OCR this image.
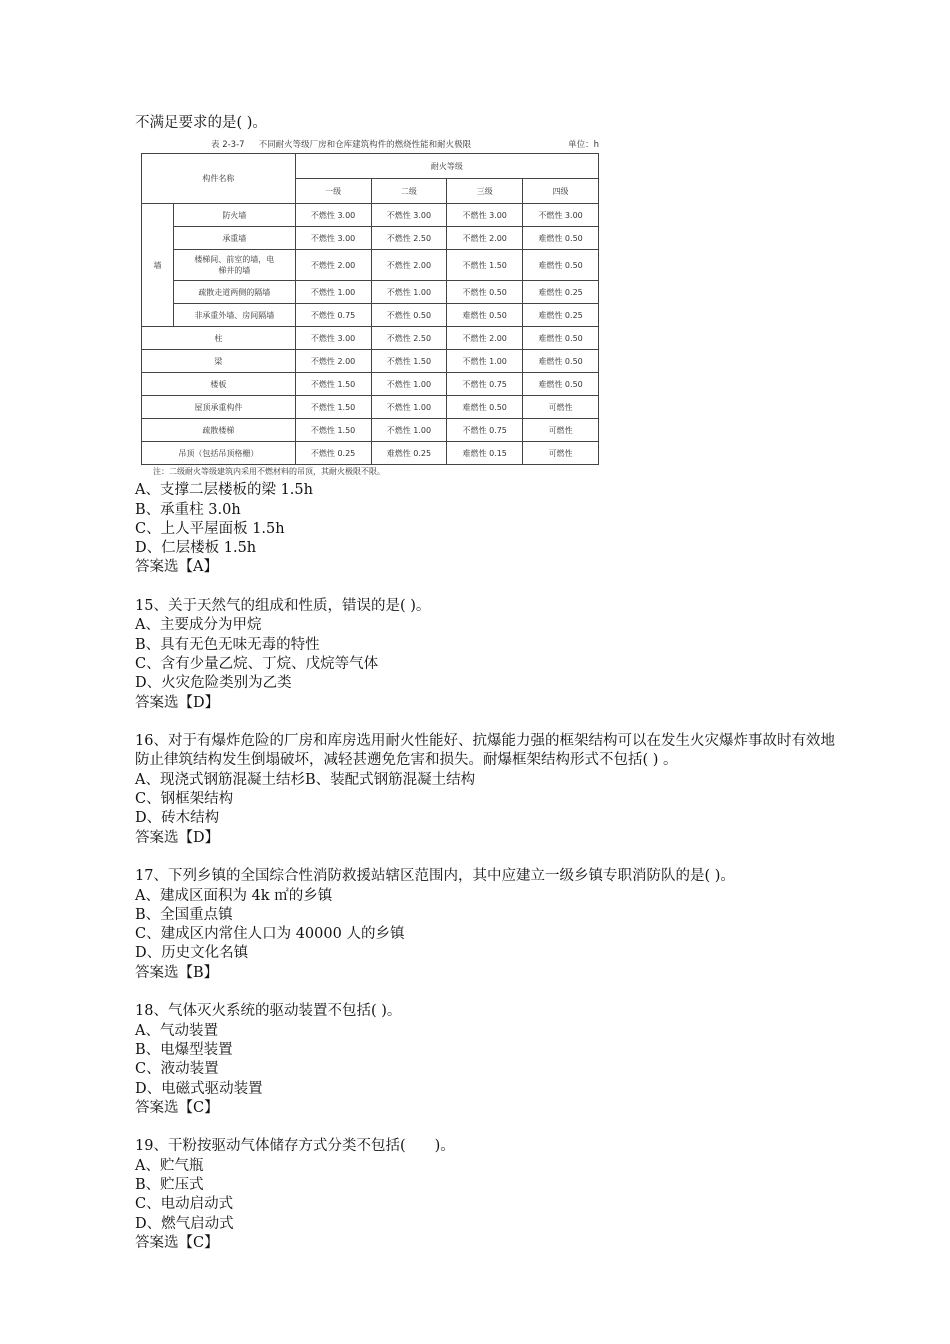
不满足要求的是( )。

表 2-3-7 不同耐火等级厂房和仓库建筑构件的燃烧性能和耐火极限	单位：h
构件名称		耐火等级			
		一级	二级	三级	四级
墙	防火墙	不燃性 3.00	不燃性 3.00	不燃性 3.00	不燃性 3.00
	承重墙	不燃性 3.00	不燃性 2.50	不燃性 2.00	难燃性 0.50
	楼梯间、前室的墙，电梯井的墙	不燃性 2.00	不燃性 2.00	不燃性 1.50	难燃性 0.50
	疏散走道两侧的隔墙	不燃性 1.00	不燃性 1.00	不燃性 0.50	难燃性 0.25
	非承重外墙、房间隔墙	不燃性 0.75	不燃性 0.50	难燃性 0.50	难燃性 0.25
柱		不燃性 3.00	不燃性 2.50	不燃性 2.00	难燃性 0.50
梁		不燃性 2.00	不燃性 1.50	不燃性 1.00	难燃性 0.50
楼板		不燃性 1.50	不燃性 1.00	不燃性 0.75	难燃性 0.50
屋顶承重构件		不燃性 1.50	不燃性 1.00	难燃性 0.50	可燃性
疏散楼梯		不燃性 1.50	不燃性 1.00	不燃性 0.75	可燃性
吊顶（包括吊顶格栅）		不燃性 0.25	难燃性 0.25	难燃性 0.15	可燃性
注：二级耐火等级建筑内采用不燃材料的吊顶，其耐火极限不限。

A、支撑二层楼板的梁 1.5h

B、承重柱 3.0h

C、上人平屋面板 1.5h

D、仁层楼板 1.5h

答案选【A】

15、关于天然气的组成和性质，错误的是( )。

A、主要成分为甲烷

B、具有无色无味无毒的特性

C、含有少量乙烷、丁烷、戊烷等气体

D、火灾危险类别为乙类

答案选【D】

16、对于有爆炸危险的厂房和库房选用耐火性能好、抗爆能力强的框架结构可以在发生火灾爆炸事故时有效地防止律筑结构发生倒塌破坏，减轻甚遡免危害和损失。耐爆框架结构形式不包括( ) 。

A、现浇式钢筋混凝土结杉B、装配式钢筋混凝土结构

C、钢框架结构

D、砖木结构

答案选【D】

17、下列乡镇的全国综合性消防救援站辖区范围内，其中应建立一级乡镇专职消防队的是( )。

A、建成区面积为 4k ㎡的乡镇

B、全国重点镇

C、建成区内常住人口为 40000 人的乡镇

D、历史文化名镇

答案选【B】

18、气体灭火系统的驱动装置不包括( )。

A、气动装置

B、电爆型装置

C、液动装置

D、电磁式驱动装置

答案选【C】

19、干粉按驱动气体储存方式分类不包括(　　)。

A、贮气瓶

B、贮压式

C、电动启动式

D、燃气启动式

答案选【C】
